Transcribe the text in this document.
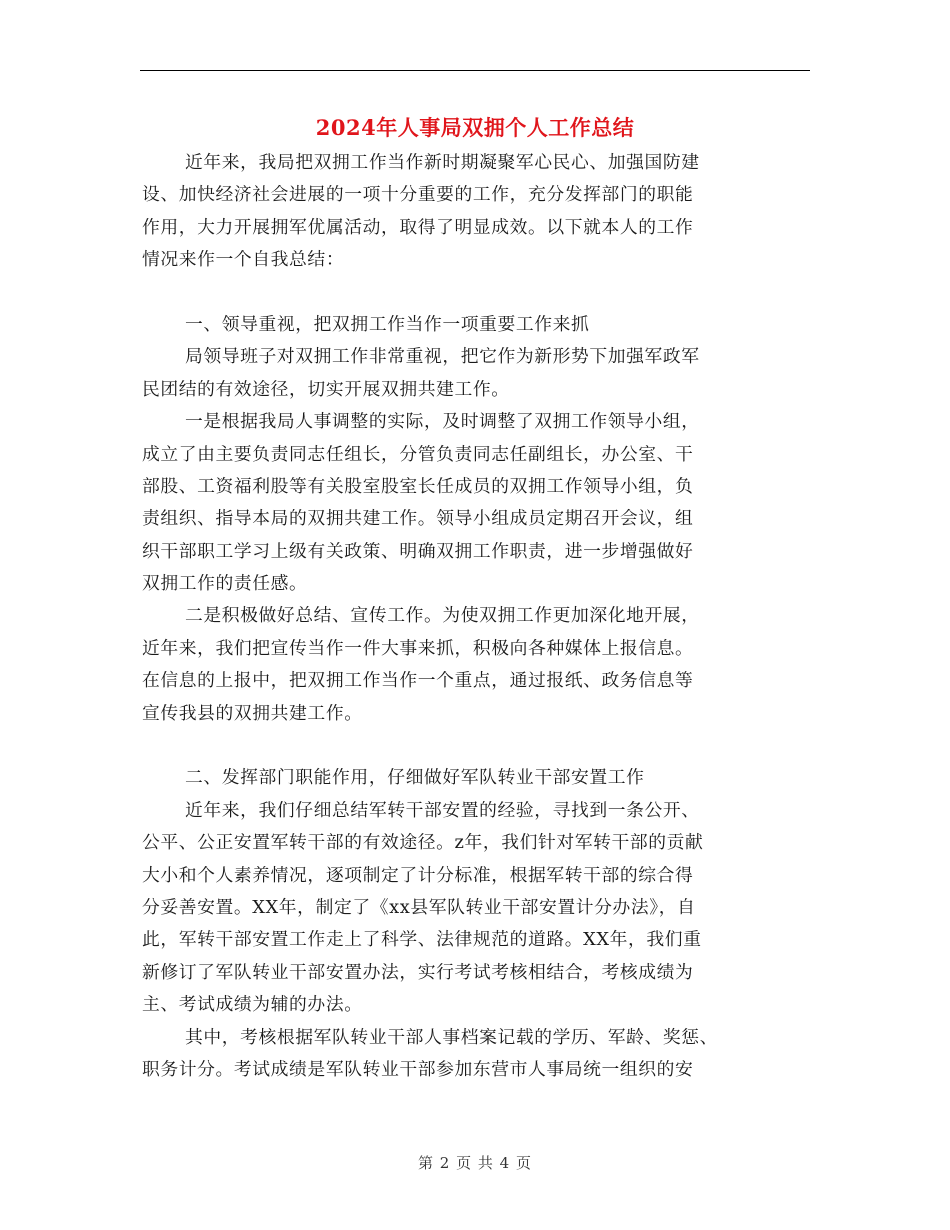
2024年人事局双拥个人工作总结
近年来，我局把双拥工作当作新时期凝聚军心民心、加强国防建
设、加快经济社会进展的一项十分重要的工作，充分发挥部门的职能
作用，大力开展拥军优属活动，取得了明显成效。以下就本人的工作
情况来作一个自我总结：
一、领导重视，把双拥工作当作一项重要工作来抓
局领导班子对双拥工作非常重视，把它作为新形势下加强军政军
民团结的有效途径，切实开展双拥共建工作。
一是根据我局人事调整的实际，及时调整了双拥工作领导小组，
成立了由主要负责同志任组长，分管负责同志任副组长，办公室、干
部股、工资福利股等有关股室股室长任成员的双拥工作领导小组，负
责组织、指导本局的双拥共建工作。领导小组成员定期召开会议，组
织干部职工学习上级有关政策、明确双拥工作职责，进一步增强做好
双拥工作的责任感。
二是积极做好总结、宣传工作。为使双拥工作更加深化地开展，
近年来，我们把宣传当作一件大事来抓，积极向各种媒体上报信息。
在信息的上报中，把双拥工作当作一个重点，通过报纸、政务信息等
宣传我县的双拥共建工作。
二、发挥部门职能作用，仔细做好军队转业干部安置工作
近年来，我们仔细总结军转干部安置的经验，寻找到一条公开、
公平、公正安置军转干部的有效途径。z年，我们针对军转干部的贡献
大小和个人素养情况，逐项制定了计分标准，根据军转干部的综合得
分妥善安置。XX年，制定了《xx县军队转业干部安置计分办法》，自
此，军转干部安置工作走上了科学、法律规范的道路。XX年，我们重
新修订了军队转业干部安置办法，实行考试考核相结合，考核成绩为
主、考试成绩为辅的办法。
其中，考核根据军队转业干部人事档案记载的学历、军龄、奖惩、
职务计分。考试成绩是军队转业干部参加东营市人事局统一组织的安
第 2 页 共 4 页
